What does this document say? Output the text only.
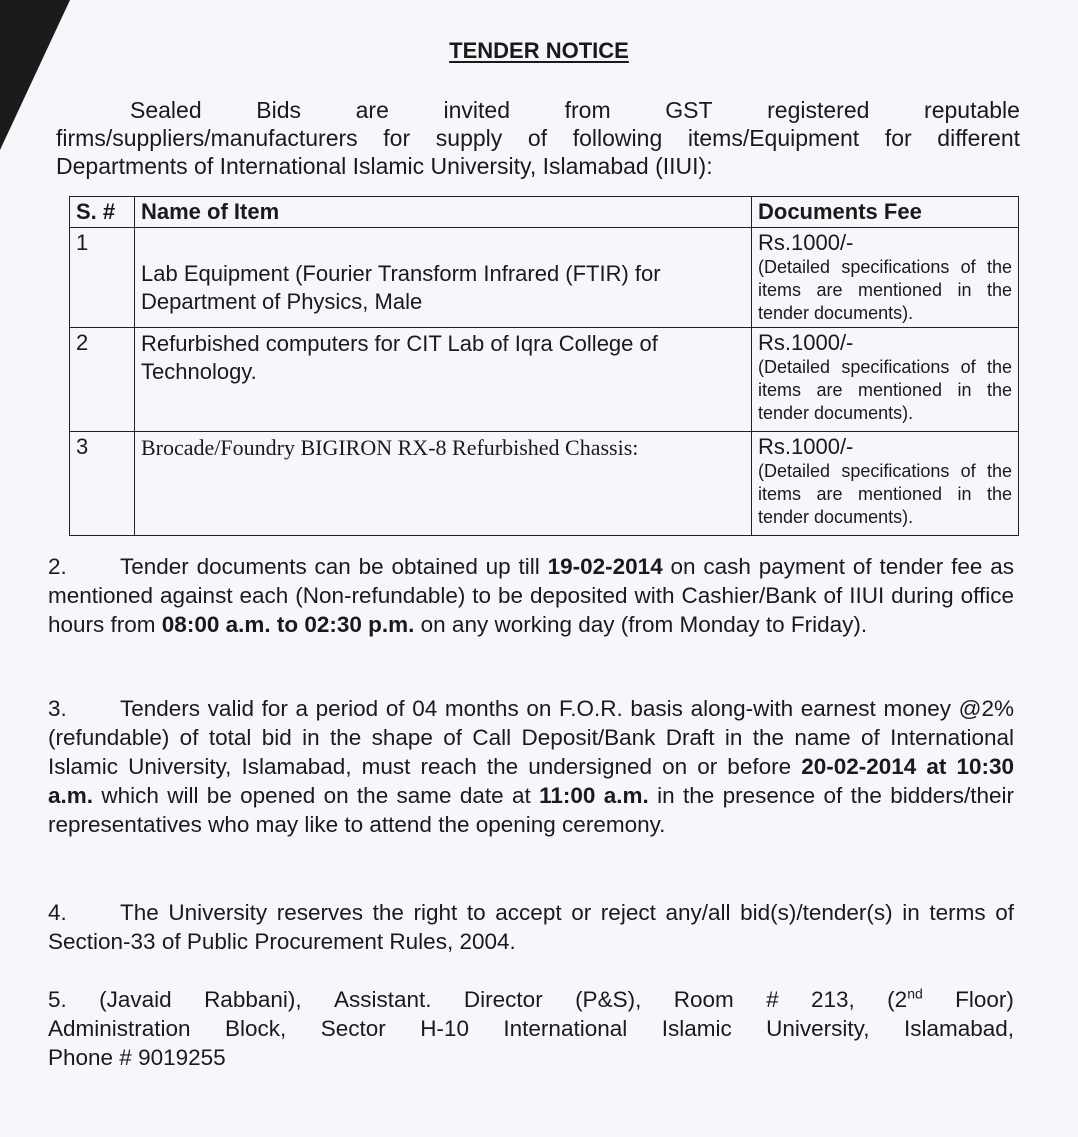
TENDER NOTICE
Sealed Bids are invited from GST registered reputable
firms/suppliers/manufacturers for supply of following items/Equipment for different
Departments of International Islamic University, Islamabad (IIUI):
S. #	Name of Item	Documents Fee
1	Lab Equipment (Fourier Transform Infrared (FTIR) for Department of Physics, Male	Rs.1000/-
(Detailed specifications of the items are mentioned in the tender documents).

2	Refurbished computers for CIT Lab of Iqra College of Technology.	Rs.1000/-
(Detailed specifications of the items are mentioned in the tender documents).

3	Brocade/Foundry BIGIRON RX-8 Refurbished Chassis:	Rs.1000/-
(Detailed specifications of the items are mentioned in the tender documents).
2. Tender documents can be obtained up till 19-02-2014 on cash payment of tender fee as mentioned against each (Non-refundable) to be deposited with Cashier/Bank of IIUI during office hours from 08:00 a.m. to 02:30 p.m. on any working day (from Monday to Friday).
3. Tenders valid for a period of 04 months on F.O.R. basis along-with earnest money @2% (refundable) of total bid in the shape of Call Deposit/Bank Draft in the name of International Islamic University, Islamabad, must reach the undersigned on or before 20-02-2014 at 10:30 a.m. which will be opened on the same date at 11:00 a.m. in the presence of the bidders/their representatives who may like to attend the opening ceremony.
4. The University reserves the right to accept or reject any/all bid(s)/tender(s) in terms of Section-33 of Public Procurement Rules, 2004.
5. (Javaid Rabbani), Assistant. Director (P&S), Room # 213, (2nd Floor)
Administration Block, Sector H-10 International Islamic University, Islamabad,
Phone # 9019255
